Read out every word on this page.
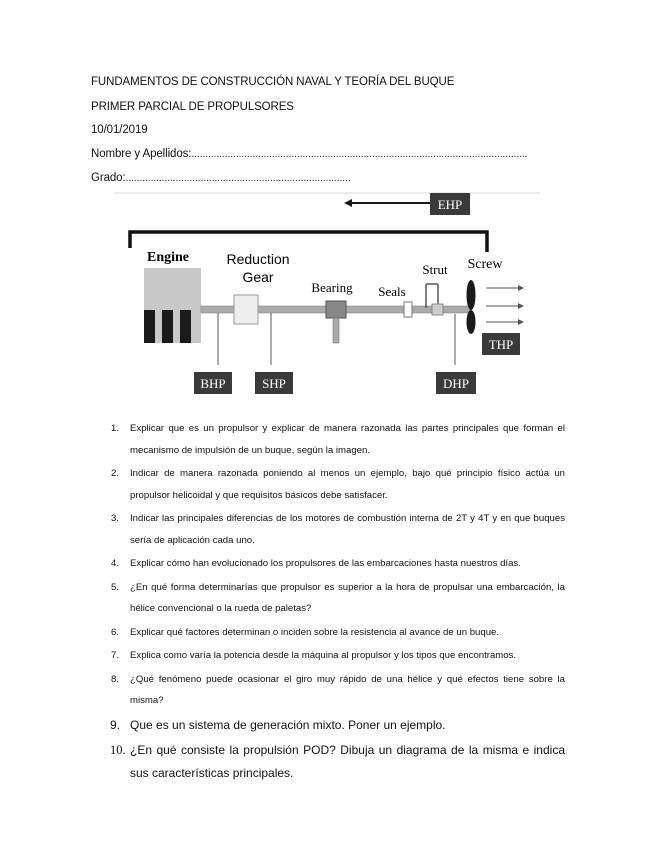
FUNDAMENTOS DE CONSTRUCCIÓN NAVAL Y TEORÍA DEL BUQUE
PRIMER PARCIAL DE PROPULSORES
10/01/2019
Nombre y Apellidos:.........................................................................................................................
Grado:.................................................................................
EHP
Engine	Reduction
Gear
Bearing Seals
Strut Screw
THP
BHP	SHP	DHP
1. Explicar que es un propulsor y explicar de manera razonada las partes principales que forman el mecanismo de impulsión de un buque, según la imagen.
2. Indicar de manera razonada poniendo al menos un ejemplo, bajo qué principio físico actúa un propulsor helicoidal y que requisitos básicos debe satisfacer.
3. Indicar las principales diferencias de los motores de combustión interna de 2T y 4T y en que buques sería de aplicación cada uno.
4. Explicar cómo han evolucionado los propulsores de las embarcaciones hasta nuestros días.
5. ¿En qué forma determinarías que propulsor es superior a la hora de propulsar una embarcación, la hélice convencional o la rueda de paletas?
6. Explicar qué factores determinan o inciden sobre la resistencia al avance de un buque.
7. Explica como varía la potencia desde la máquina al propulsor y los tipos que encontramos.
8. ¿Qué fenómeno puede ocasionar el giro muy rápido de una hélice y qué efectos tiene sobre la misma?
9. Que es un sistema de generación mixto. Poner un ejemplo.
10. ¿En qué consiste la propulsión POD? Dibuja un diagrama de la misma e indica sus características principales.
